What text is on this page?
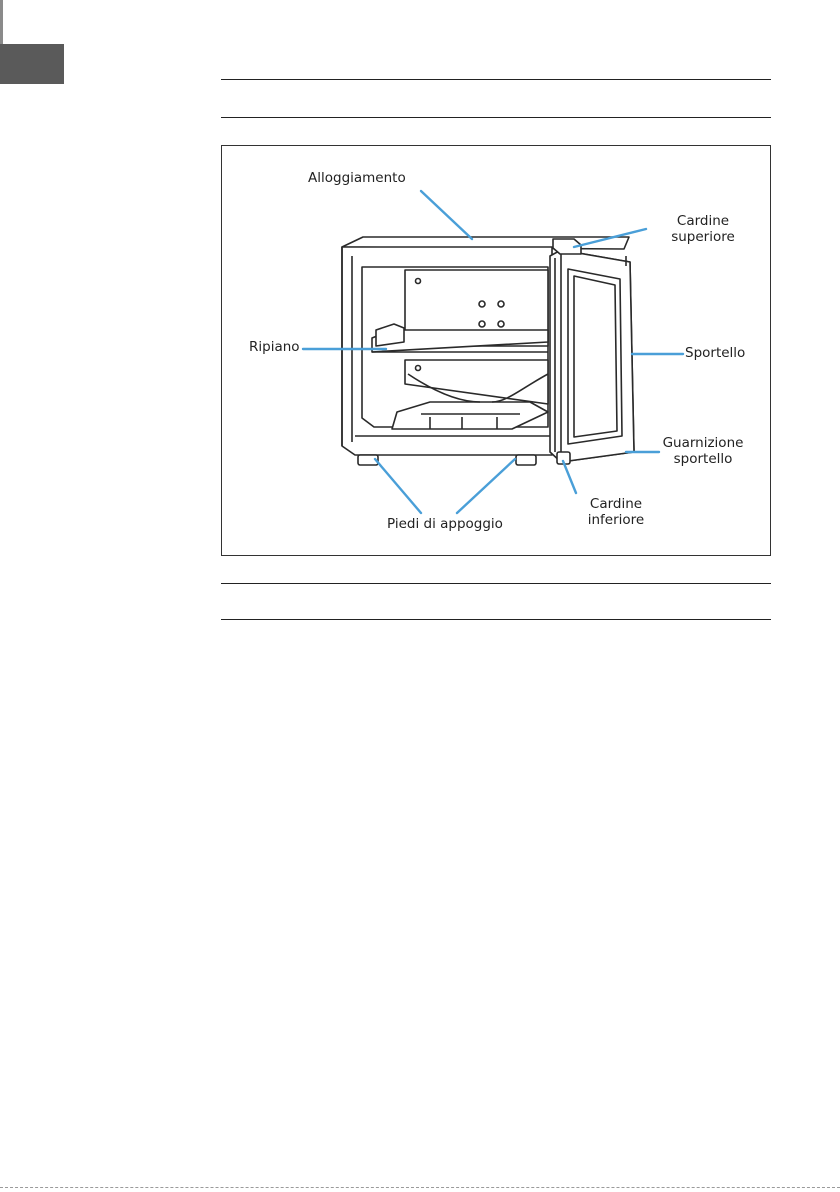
Alloggiamento
Cardine
superiore
Ripiano	Sportello
Guarnizione
sportello
Cardine
inferiore
Piedi di appoggio
